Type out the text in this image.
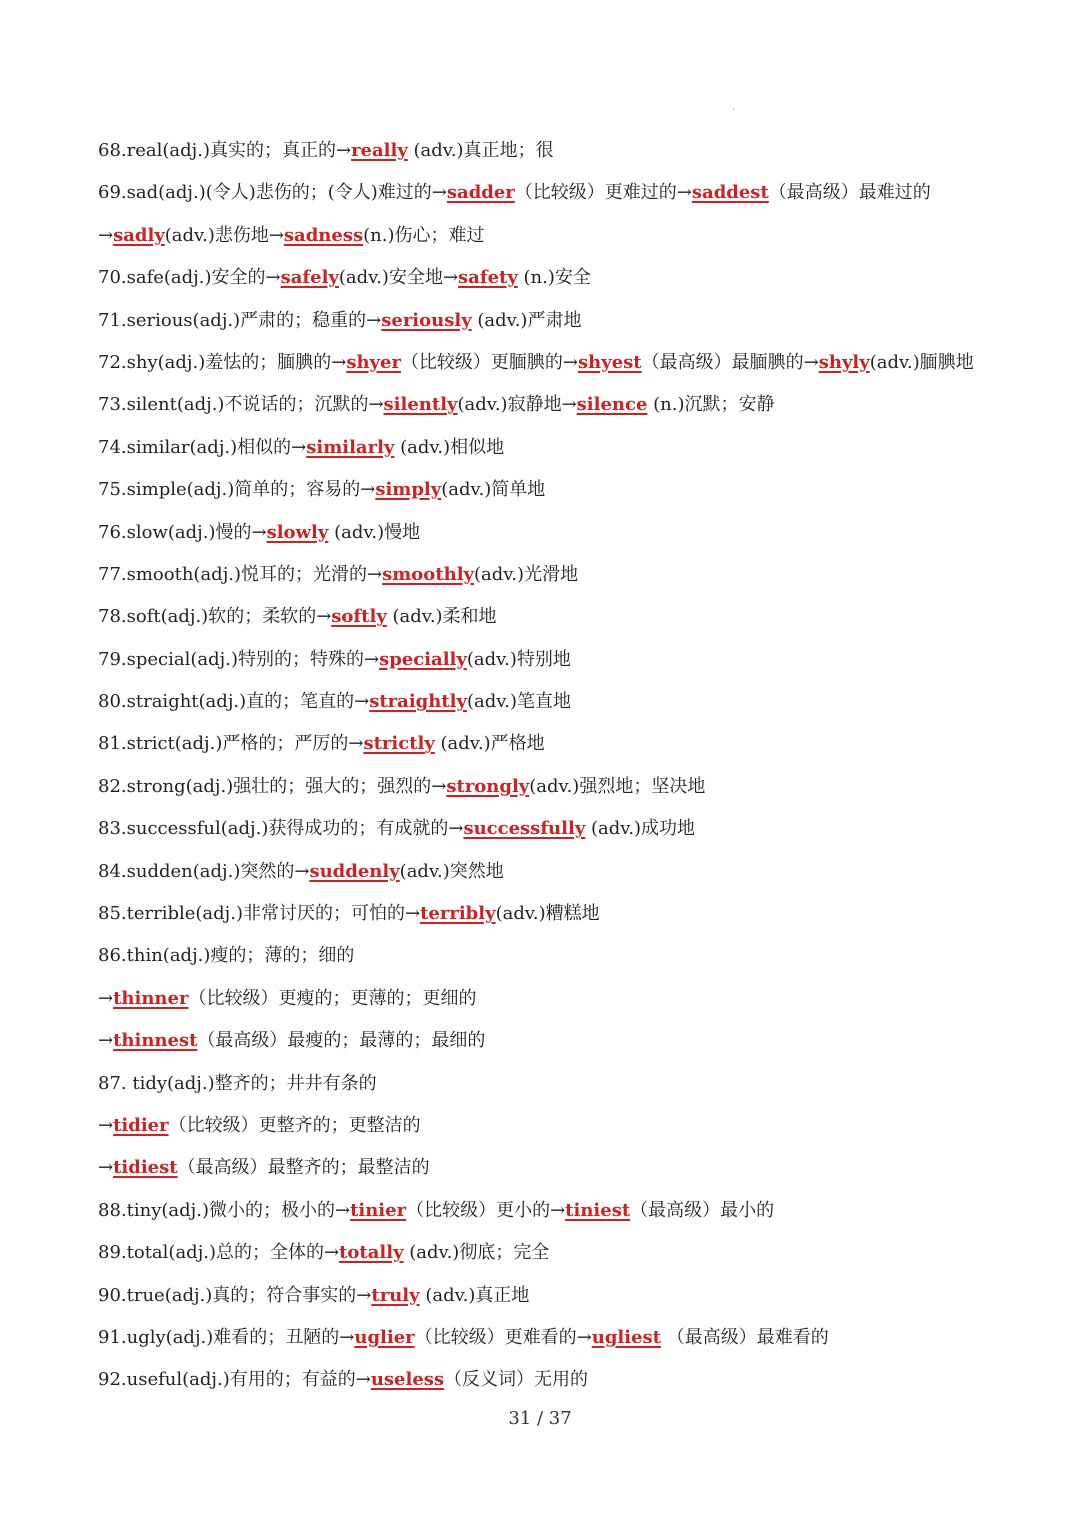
68.real(adj.)真实的；真正的→really (adv.)真正地；很
69.sad(adj.)(令人)悲伤的；(令人)难过的→sadder（比较级）更难过的→saddest（最高级）最难过的
→sadly(adv.)悲伤地→sadness(n.)伤心；难过
70.safe(adj.)安全的→safely(adv.)安全地→safety (n.)安全
71.serious(adj.)严肃的；稳重的→seriously (adv.)严肃地
72.shy(adj.)羞怯的；腼腆的→shyer（比较级）更腼腆的→shyest（最高级）最腼腆的→shyly(adv.)腼腆地
73.silent(adj.)不说话的；沉默的→silently(adv.)寂静地→silence (n.)沉默；安静
74.similar(adj.)相似的→similarly (adv.)相似地
75.simple(adj.)简单的；容易的→simply(adv.)简单地
76.slow(adj.)慢的→slowly (adv.)慢地
77.smooth(adj.)悦耳的；光滑的→smoothly(adv.)光滑地
78.soft(adj.)软的；柔软的→softly (adv.)柔和地
79.special(adj.)特别的；特殊的→specially(adv.)特别地
80.straight(adj.)直的；笔直的→straightly(adv.)笔直地
81.strict(adj.)严格的；严厉的→strictly (adv.)严格地
82.strong(adj.)强壮的；强大的；强烈的→strongly(adv.)强烈地；坚决地
83.successful(adj.)获得成功的；有成就的→successfully (adv.)成功地
84.sudden(adj.)突然的→suddenly(adv.)突然地
85.terrible(adj.)非常讨厌的；可怕的→terribly(adv.)糟糕地
86.thin(adj.)瘦的；薄的；细的
→thinner（比较级）更瘦的；更薄的；更细的
→thinnest（最高级）最瘦的；最薄的；最细的
87. tidy(adj.)整齐的；井井有条的
→tidier（比较级）更整齐的；更整洁的
→tidiest（最高级）最整齐的；最整洁的
88.tiny(adj.)微小的；极小的→tinier（比较级）更小的→tiniest（最高级）最小的
89.total(adj.)总的；全体的→totally (adv.)彻底；完全
90.true(adj.)真的；符合事实的→truly (adv.)真正地
91.ugly(adj.)难看的；丑陋的→uglier（比较级）更难看的→ugliest （最高级）最难看的
92.useful(adj.)有用的；有益的→useless（反义词）无用的
31 / 37
